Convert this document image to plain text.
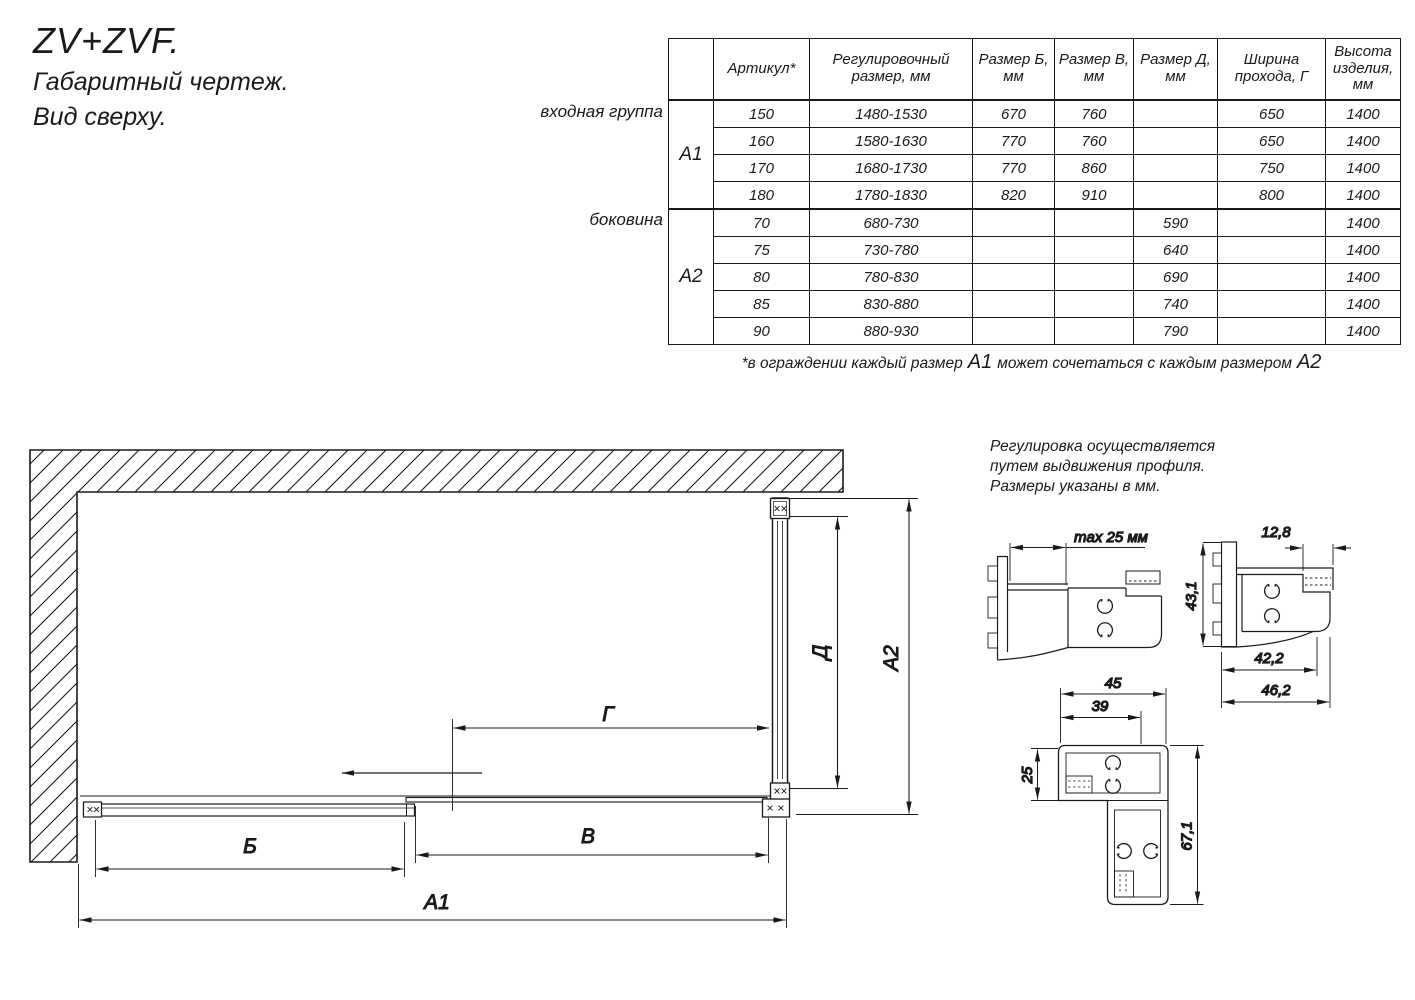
ZV+ZVF.
Габаритный чертеж.
Вид сверху.	входная группа
боковина
	Артикул*	Регулировочный размер, мм	Размер Б, мм	Размер В, мм	Размер Д, мм	Ширина прохода, Г	Высота изделия, мм
А1	150	1480-1530	670	760		650	1400
	160	1580-1630	770	760		650	1400
	170	1680-1730	770	860		750	1400
	180	1780-1830	820	910		800	1400
А2	70	680-730			590		1400
	75	730-780			640		1400
	80	780-830			690		1400
	85	830-880			740		1400
	90	880-930			790		1400
*в ограждении каждый размер А1 может сочетаться с каждым размером А2
Регулировка осуществляется
путем выдвижения профиля.
Размеры указаны в мм.
Г
Д А2
Б	В
А1
max 25 мм	12,8
43,1
42,2
46,2
45
39
25
67,1
